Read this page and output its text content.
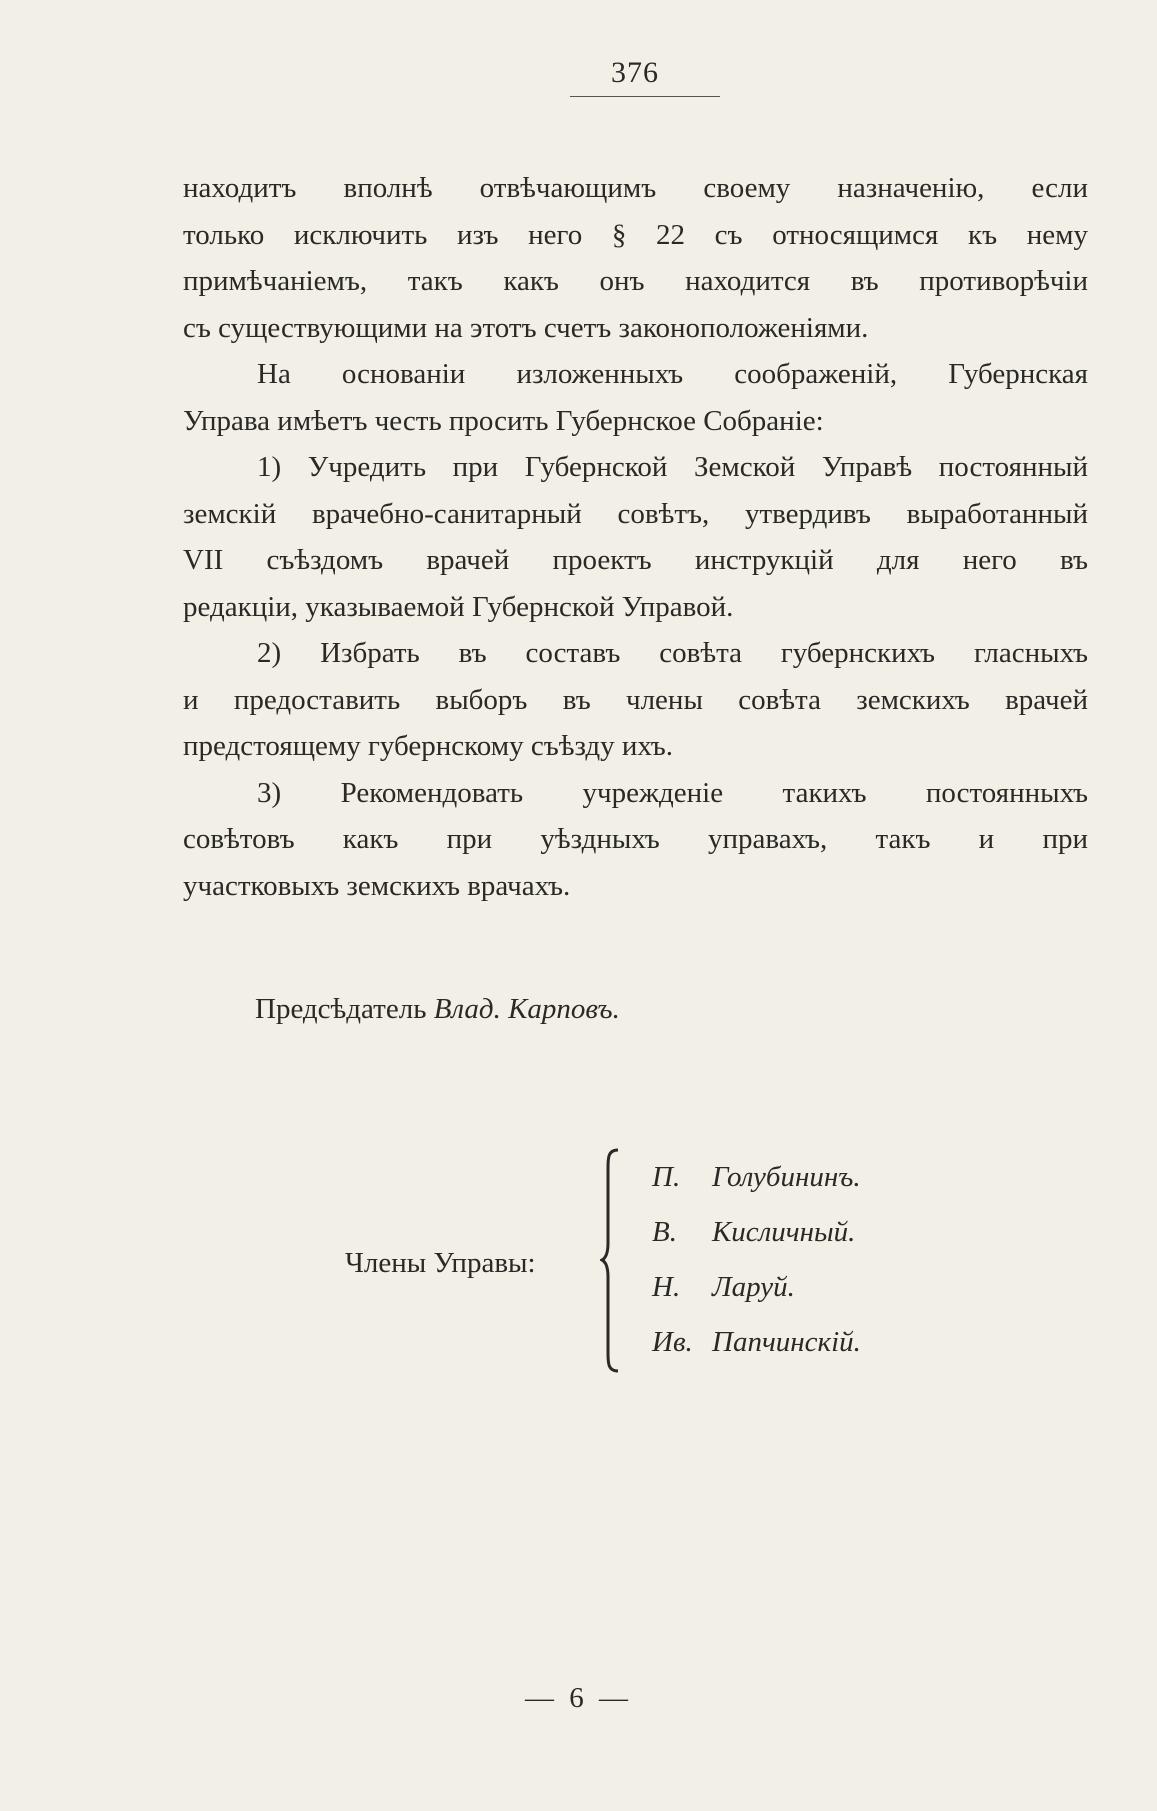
376
находитъ вполнѣ отвѣчающимъ своему назначенію, если
только исключить изъ него § 22 съ относящимся къ нему
примѣчаніемъ, такъ какъ онъ находится въ противорѣчіи
съ существующими на этотъ счетъ законоположеніями.
На основаніи изложенныхъ соображеній, Губернская
Управа имѣетъ честь просить Губернское Собраніе:
1) Учредить при Губернской Земской Управѣ постоянный
земскій врачебно-санитарный совѣтъ, утвердивъ выработанный
VII съѣздомъ врачей проектъ инструкцій для него въ
редакціи, указываемой Губернской Управой.
2) Избрать въ составъ совѣта губернскихъ гласныхъ
и предоставить выборъ въ члены совѣта земскихъ врачей
предстоящему губернскому съѣзду ихъ.
3) Рекомендовать учрежденіе такихъ постоянныхъ
совѣтовъ какъ при уѣздныхъ управахъ, такъ и при
участковыхъ земскихъ врачахъ.
Предсѣдатель Влад. Карповъ.
Члены Управы:
П. Голубининъ.
В. Кисличный.
Н. Ларуй.
Ив. Папчинскій.
— 6 —
